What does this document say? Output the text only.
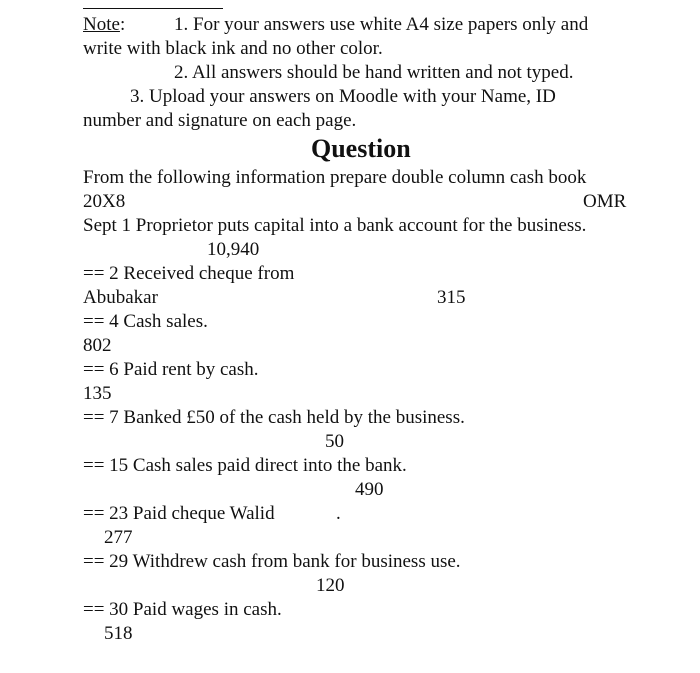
Note:	1. For your answers use white A4 size papers only and
write with black ink and no other color.
2. All answers should be hand written and not typed.
3. Upload your answers on Moodle with your Name, ID
number and signature on each page.
Question
From the following information prepare double column cash book
20X8	OMR
Sept 1 Proprietor puts capital into a bank account for the business.
10,940
== 2 Received cheque from
Abubakar	315
== 4 Cash sales.
802
== 6 Paid rent by cash.
135
== 7 Banked £50 of the cash held by the business.
50
== 15 Cash sales paid direct into the bank.
490
== 23 Paid cheque Walid	.
277
== 29 Withdrew cash from bank for business use.
120
== 30 Paid wages in cash.
518
